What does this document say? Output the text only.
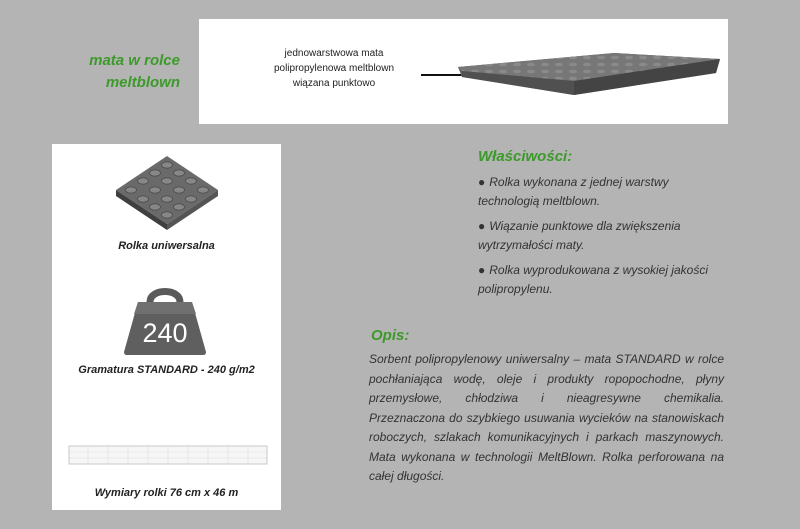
mata w rolce
meltblown
jednowarstwowa mata
polipropylenowa meltblown
wiązana punktowo
Rolka uniwersalna
240
Gramatura STANDARD - 240 g/m2
Wymiary rolki 76 cm x 46 m
Właściwości:
● Rolka wykonana z jednej warstwy technologią meltblown.
● Wiązanie punktowe dla zwiększenia wytrzymałości maty.
● Rolka wyprodukowana z wysokiej jakości polipropylenu.
Opis:
Sorbent polipropylenowy uniwersalny – mata STANDARD w rolce pochłaniająca wodę, oleje i produkty ropopochodne, płyny przemysłowe, chłodziwa i nieagresywne chemikalia. Przeznaczona do szybkiego usuwania wycieków na stanowiskach roboczych, szlakach komunikacyjnych i parkach maszynowych. Mata wykonana w technologii MeltBlown. Rolka perforowana na całej długości.
